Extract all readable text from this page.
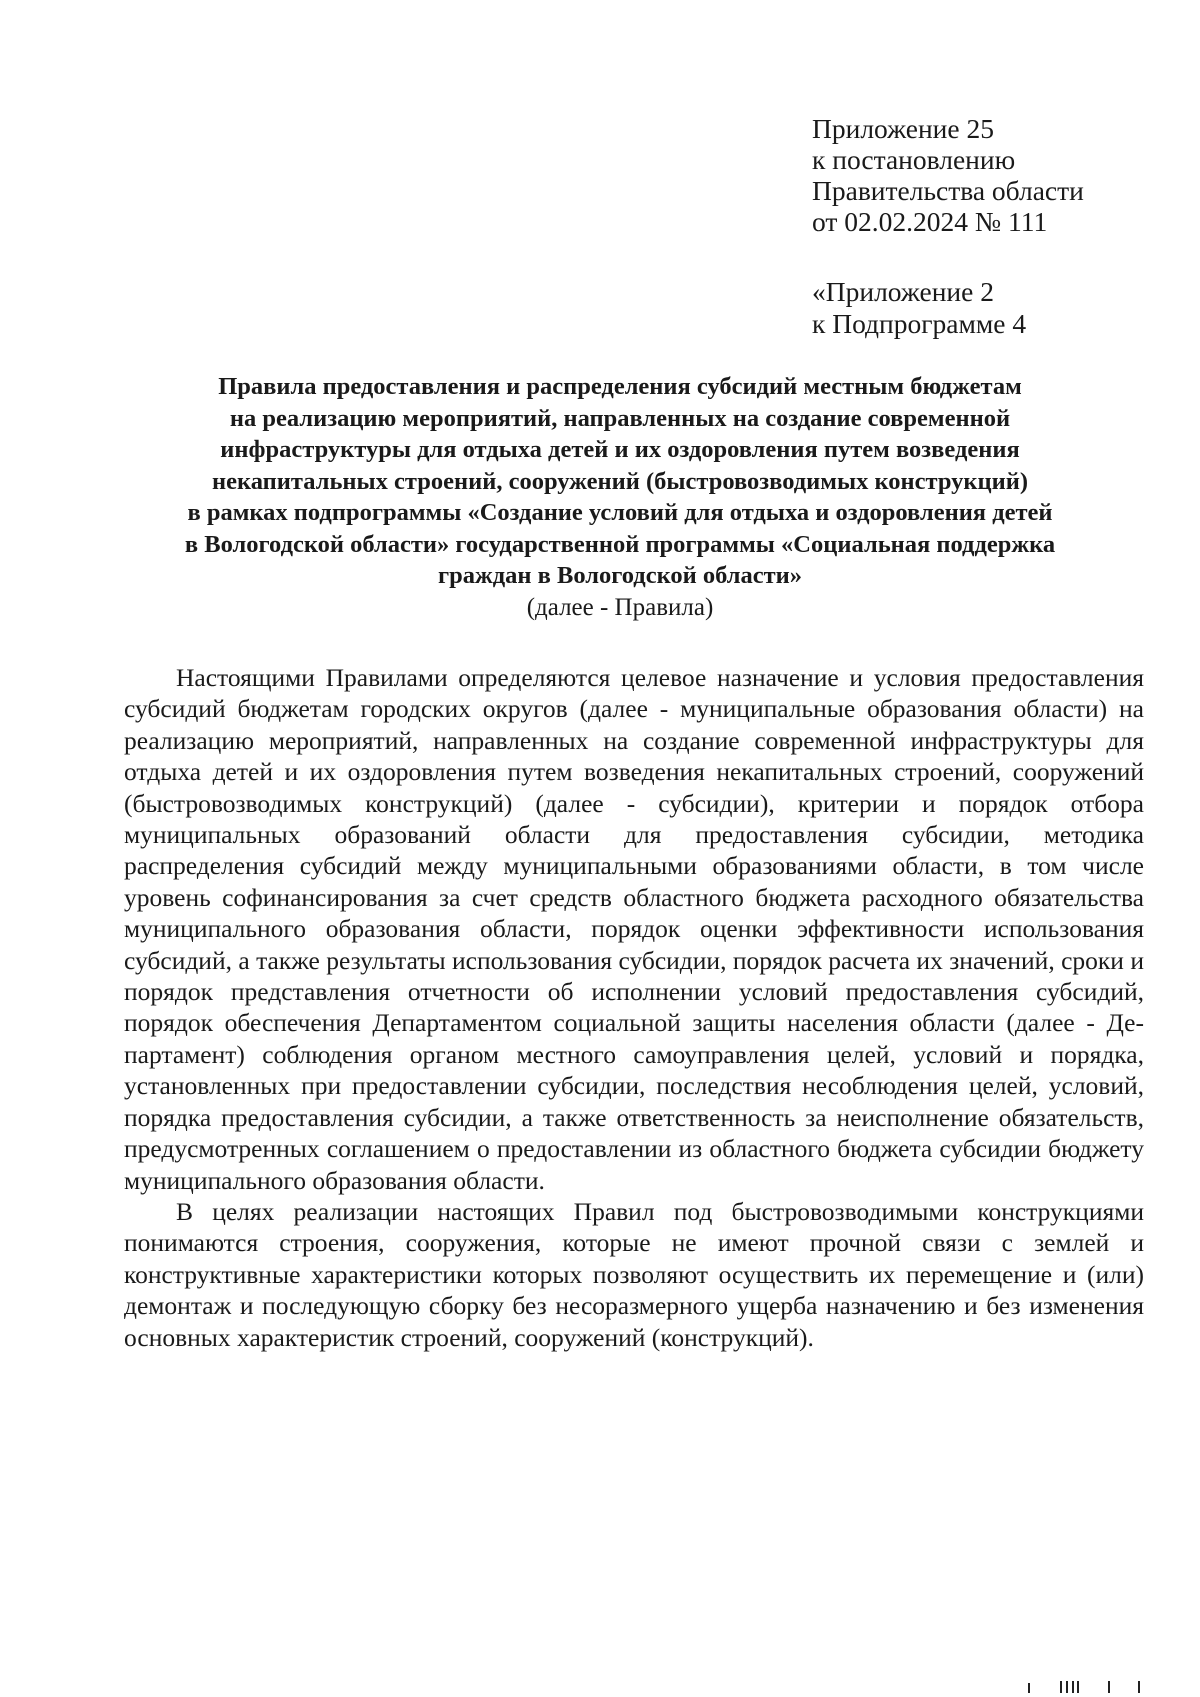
Приложение 25
к постановлению
Правительства области
от 02.02.2024 № 111
«Приложение 2
к Подпрограмме 4
Правила предоставления и распределения субсидий местным бюджетам
на реализацию мероприятий, направленных на создание современной
инфраструктуры для отдыха детей и их оздоровления путем возведения
некапитальных строений, сооружений (быстровозводимых конструкций)
в рамках подпрограммы «Создание условий для отдыха и оздоровления детей
в Вологодской области» государственной программы «Социальная поддержка
граждан в Вологодской области»
(далее - Правила)

Настоящими Правилами определяются целевое назначение и условия предоставления субсидий бюджетам городских округов (далее - муниципальные образования области) на реализацию мероприятий, направленных на создание современной инфраструктуры для отдыха детей и их оздоровления путем возведения некапитальных строений, сооружений (быстровозводимых конструкций) (далее - субсидии), критерии и порядок отбора муниципальных образований области для предоставления субсидии, методика распределения субсидий между муниципальными образованиями области, в том числе уровень софинансирования за счет средств областного бюджета расходного обязательства муниципального образования области, порядок оценки эффективности использования субсидий, а также результаты использования субсидии, порядок расчета их значений, сроки и порядок представления отчетности об исполнении условий предоставления субсидий, порядок обеспечения Департаментом социальной защиты населения области (далее - Департамент) соблюдения органом местного самоуправления целей, условий и порядка, установленных при предоставлении субсидии, последствия несоблюдения целей, условий, порядка предоставления субсидии, а также ответственность за неисполнение обязательств, предусмотренных соглашением о предоставлении из областного бюджета субсидии бюджету муниципального образования области.

В целях реализации настоящих Правил под быстровозводимыми конструкциями понимаются строения, сооружения, которые не имеют прочной связи с землей и конструктивные характеристики которых позволяют осуществить их перемещение и (или) демонтаж и последующую сборку без несоразмерного ущерба назначению и без изменения основных характеристик строений, сооружений (конструкций).
